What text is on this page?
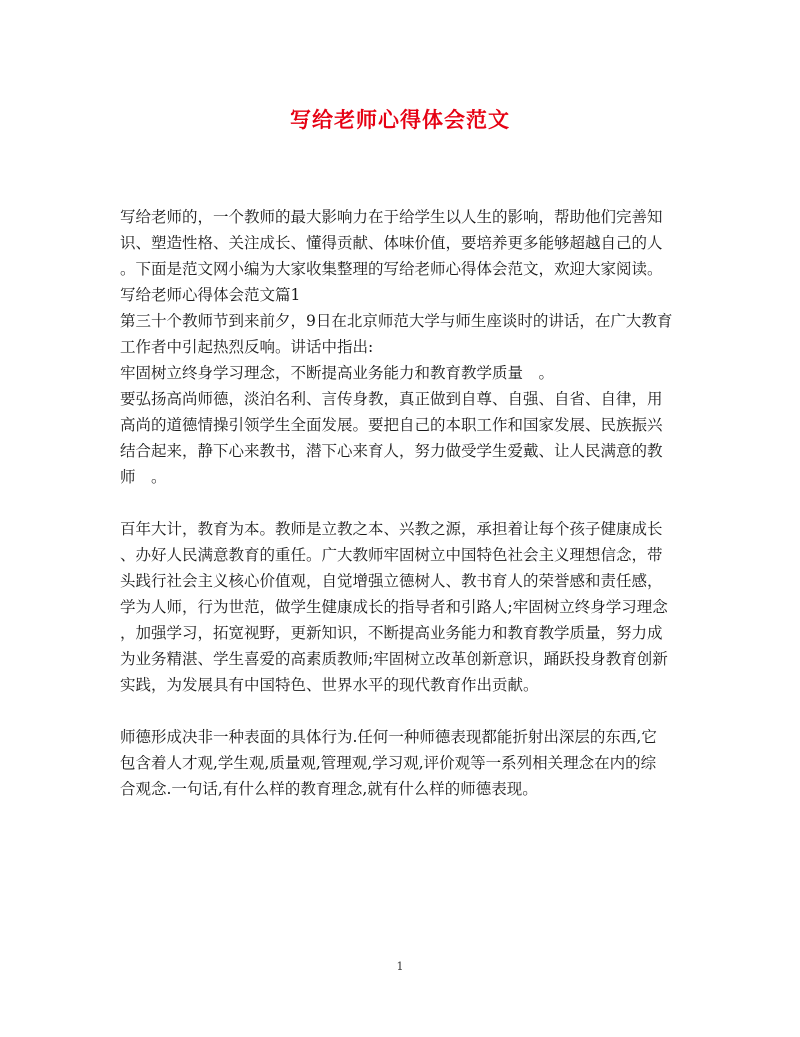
写给老师心得体会范文
写给老师的，一个教师的最大影响力在于给学生以人生的影响，帮助他们完善知
识、塑造性格、关注成长、懂得贡献、体味价值，要培养更多能够超越自己的人
。下面是范文网小编为大家收集整理的写给老师心得体会范文，欢迎大家阅读。
写给老师心得体会范文篇1
第三十个教师节到来前夕，9日在北京师范大学与师生座谈时的讲话，在广大教育
工作者中引起热烈反响。讲话中指出:
牢固树立终身学习理念，不断提高业务能力和教育教学质量　。
要弘扬高尚师德，淡泊名利、言传身教，真正做到自尊、自强、自省、自律，用
高尚的道德情操引领学生全面发展。要把自己的本职工作和国家发展、民族振兴
结合起来，静下心来教书，潜下心来育人，努力做受学生爱戴、让人民满意的教
师　。
百年大计，教育为本。教师是立教之本、兴教之源，承担着让每个孩子健康成长
、办好人民满意教育的重任。广大教师牢固树立中国特色社会主义理想信念，带
头践行社会主义核心价值观，自觉增强立德树人、教书育人的荣誉感和责任感，
学为人师，行为世范，做学生健康成长的指导者和引路人;牢固树立终身学习理念
，加强学习，拓宽视野，更新知识，不断提高业务能力和教育教学质量，努力成
为业务精湛、学生喜爱的高素质教师;牢固树立改革创新意识，踊跃投身教育创新
实践，为发展具有中国特色、世界水平的现代教育作出贡献。
师德形成决非一种表面的具体行为.任何一种师德表现都能折射出深层的东西,它
包含着人才观,学生观,质量观,管理观,学习观,评价观等一系列相关理念在内的综
合观念.一句话,有什么样的教育理念,就有什么样的师德表现。
1
